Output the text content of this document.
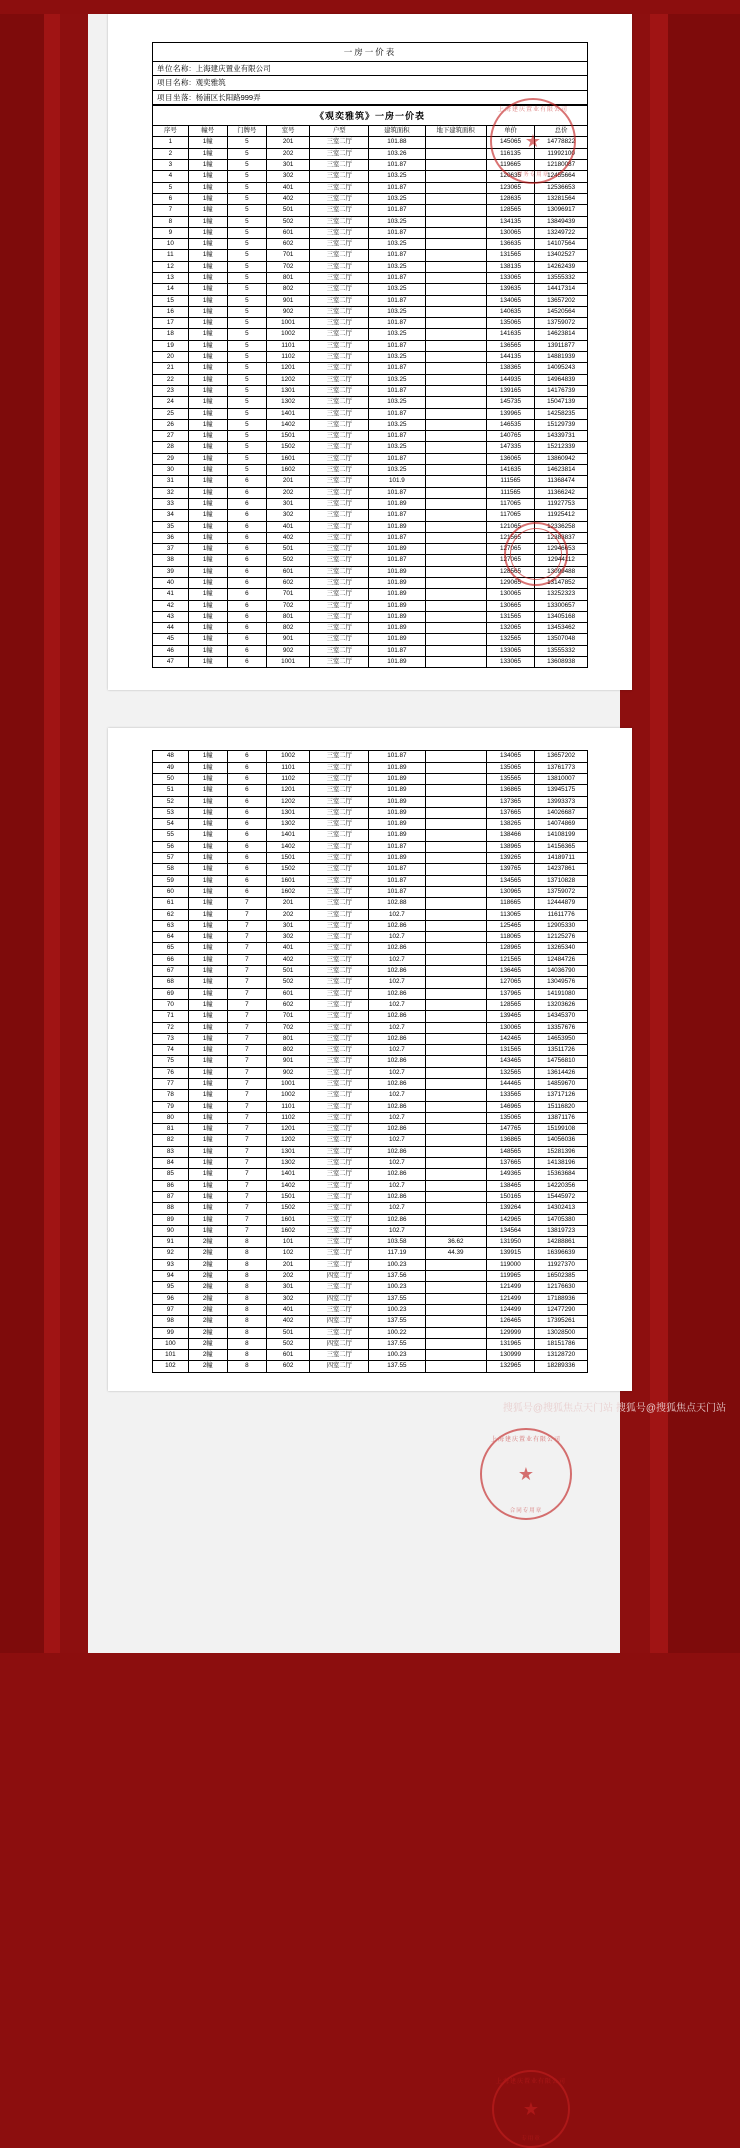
一房一价表
单位名称: 上海建庆置业有限公司
项目名称: 观奕雅筑
项目坐落: 杨浦区长阳路999弄
《观奕雅筑》一房一价表
序号	幢号	门牌号	室号	户型	建筑面积	地下建筑面积	单价	总价
1	1幢	5	201	三室二厅	101.88		145065	14778822
2	1幢	5	202	三室二厅	103.26		116135	11992100
3	1幢	5	301	三室二厅	101.87		119665	12180087
4	1幢	5	302	三室二厅	103.25		120635	12455664
5	1幢	5	401	三室二厅	101.87		123065	12536653
6	1幢	5	402	三室二厅	103.25		128635	13281564
7	1幢	5	501	三室二厅	101.87		128565	13096917
8	1幢	5	502	三室二厅	103.25		134135	13849439
9	1幢	5	601	三室二厅	101.87		130065	13249722
10	1幢	5	602	三室二厅	103.25		136635	14107564
11	1幢	5	701	三室二厅	101.87		131565	13402527
12	1幢	5	702	三室二厅	103.25		138135	14262439
13	1幢	5	801	三室二厅	101.87		133065	13555332
14	1幢	5	802	三室二厅	103.25		139635	14417314
15	1幢	5	901	三室二厅	101.87		134065	13657202
16	1幢	5	902	三室二厅	103.25		140635	14520564
17	1幢	5	1001	三室二厅	101.87		135065	13759072
18	1幢	5	1002	三室二厅	103.25		141635	14623814
19	1幢	5	1101	三室二厅	101.87		136565	13911877
20	1幢	5	1102	三室二厅	103.25		144135	14881939
21	1幢	5	1201	三室二厅	101.87		138365	14095243
22	1幢	5	1202	三室二厅	103.25		144935	14964839
23	1幢	5	1301	三室二厅	101.87		139165	14176739
24	1幢	5	1302	三室二厅	103.25		145735	15047139
25	1幢	5	1401	三室二厅	101.87		139965	14258235
26	1幢	5	1402	三室二厅	103.25		146535	15129739
27	1幢	5	1501	三室二厅	101.87		140765	14339731
28	1幢	5	1502	三室二厅	103.25		147335	15212339
29	1幢	5	1601	三室二厅	101.87		136065	13860942
30	1幢	5	1602	三室二厅	103.25		141635	14623814
31	1幢	6	201	三室二厅	101.9		111565	11368474
32	1幢	6	202	三室二厅	101.87		111565	11366242
33	1幢	6	301	三室二厅	101.89		117065	11927753
34	1幢	6	302	三室二厅	101.87		117065	11925412
35	1幢	6	401	三室二厅	101.89		121065	12336258
36	1幢	6	402	三室二厅	101.87		121565	12383837
37	1幢	6	501	三室二厅	101.89		127065	12946653
38	1幢	6	502	三室二厅	101.87		127065	12944112
39	1幢	6	601	三室二厅	101.89		128565	13099488
40	1幢	6	602	三室二厅	101.89		129065	13147852
41	1幢	6	701	三室二厅	101.89		130065	13252323
42	1幢	6	702	三室二厅	101.89		130665	13300657
43	1幢	6	801	三室二厅	101.89		131565	13405168
44	1幢	6	802	三室二厅	101.89		132065	13453462
45	1幢	6	901	三室二厅	101.89		132565	13507048
46	1幢	6	902	三室二厅	101.87		133065	13555332
47	1幢	6	1001	三室二厅	101.89		133065	13608938
上海建庆置业有限公司
★
财务专用章
48	1幢	6	1002	三室二厅	101.87		134065	13657202
49	1幢	6	1101	三室二厅	101.89		135065	13761773
50	1幢	6	1102	三室二厅	101.89		135565	13810007
51	1幢	6	1201	三室二厅	101.89		136865	13945175
52	1幢	6	1202	三室二厅	101.89		137365	13993373
53	1幢	6	1301	三室二厅	101.89		137665	14026687
54	1幢	6	1302	三室二厅	101.89		138265	14074869
55	1幢	6	1401	三室二厅	101.89		138466	14108199
56	1幢	6	1402	三室二厅	101.87		138965	14156365
57	1幢	6	1501	三室二厅	101.89		139265	14189711
58	1幢	6	1502	三室二厅	101.87		139765	14237861
59	1幢	6	1601	三室二厅	101.87		134565	13710828
60	1幢	6	1602	三室二厅	101.87		130965	13759072
61	1幢	7	201	三室二厅	102.88		118665	12444879
62	1幢	7	202	三室二厅	102.7		113065	11611776
63	1幢	7	301	三室二厅	102.86		125465	12905330
64	1幢	7	302	三室二厅	102.7		118065	12125276
65	1幢	7	401	三室二厅	102.86		128965	13265340
66	1幢	7	402	三室二厅	102.7		121565	12484726
67	1幢	7	501	三室二厅	102.86		136465	14036790
68	1幢	7	502	三室二厅	102.7		127065	13049576
69	1幢	7	601	三室二厅	102.86		137965	14191080
70	1幢	7	602	三室二厅	102.7		128565	13203626
71	1幢	7	701	三室二厅	102.86		139465	14345370
72	1幢	7	702	三室二厅	102.7		130065	13357676
73	1幢	7	801	三室二厅	102.86		142465	14653950
74	1幢	7	802	三室二厅	102.7		131565	13511726
75	1幢	7	901	三室二厅	102.86		143465	14756810
76	1幢	7	902	三室二厅	102.7		132565	13614426
77	1幢	7	1001	三室二厅	102.86		144465	14859670
78	1幢	7	1002	三室二厅	102.7		133565	13717126
79	1幢	7	1101	三室二厅	102.86		146965	15116820
80	1幢	7	1102	三室二厅	102.7		135065	13871176
81	1幢	7	1201	三室二厅	102.86		147765	15199108
82	1幢	7	1202	三室二厅	102.7		136865	14056036
83	1幢	7	1301	三室二厅	102.86		148565	15281396
84	1幢	7	1302	三室二厅	102.7		137665	14138196
85	1幢	7	1401	三室二厅	102.86		149365	15363684
86	1幢	7	1402	三室二厅	102.7		138465	14220356
87	1幢	7	1501	三室二厅	102.86		150165	15445972
88	1幢	7	1502	三室二厅	102.7		139264	14302413
89	1幢	7	1601	三室二厅	102.86		142965	14705380
90	1幢	7	1602	三室二厅	102.7		134564	13819723
91	2幢	8	101	三室二厅	103.58	36.62	131950	14288861
92	2幢	8	102	三室二厅	117.19	44.39	139915	16396639
93	2幢	8	201	三室二厅	100.23		119000	11927370
94	2幢	8	202	四室二厅	137.56		119965	16502385
95	2幢	8	301	三室二厅	100.23		121499	12176630
96	2幢	8	302	四室二厅	137.55		121499	17188936
97	2幢	8	401	三室二厅	100.23		124499	12477290
98	2幢	8	402	四室二厅	137.55		126465	17395261
99	2幢	8	501	三室二厅	100.22		129999	13028500
100	2幢	8	502	四室二厅	137.55		131965	18151786
101	2幢	8	601	三室二厅	100.23		130999	13128720
102	2幢	8	602	四室二厅	137.55		132965	18289336
上海建庆置业有限公司
★
合同专用章
上海建庆置业有限公司
★
专用章
搜狐号@搜狐焦点天门站 搜狐号@搜狐焦点天门站
